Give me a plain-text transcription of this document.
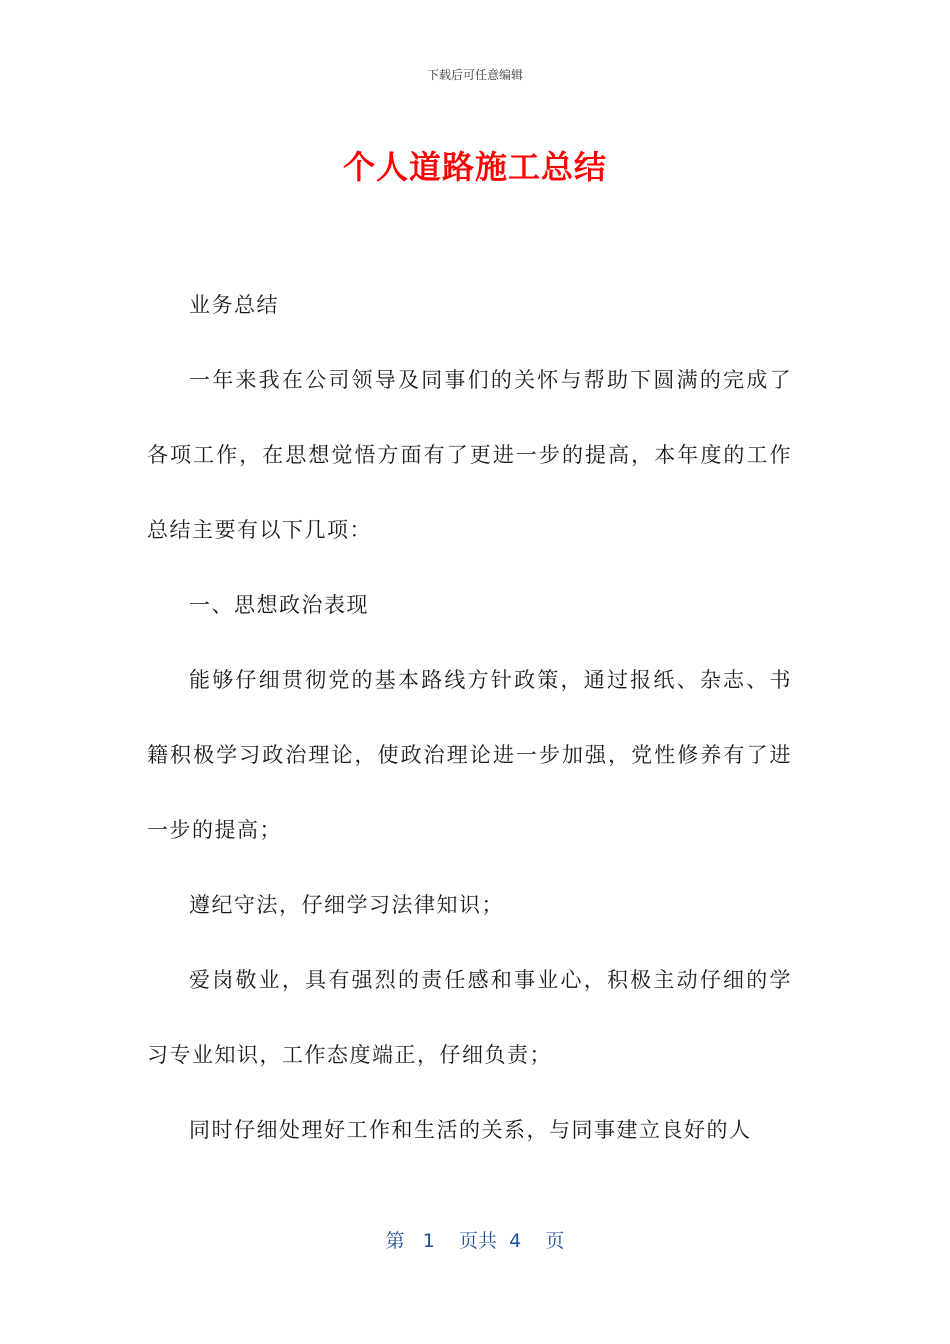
下载后可任意编辑
个人道路施工总结

业务总结

一年来我在公司领导及同事们的关怀与帮助下圆满的完成了各项工作，在思想觉悟方面有了更进一步的提高，本年度的工作总结主要有以下几项：

一、思想政治表现

能够仔细贯彻党的基本路线方针政策，通过报纸、杂志、书籍积极学习政治理论，使政治理论进一步加强，党性修养有了进一步的提高；

遵纪守法，仔细学习法律知识；

爱岗敬业，具有强烈的责任感和事业心，积极主动仔细的学习专业知识，工作态度端正，仔细负责；

同时仔细处理好工作和生活的关系，与同事建立良好的人

第 1 页共 4 页
